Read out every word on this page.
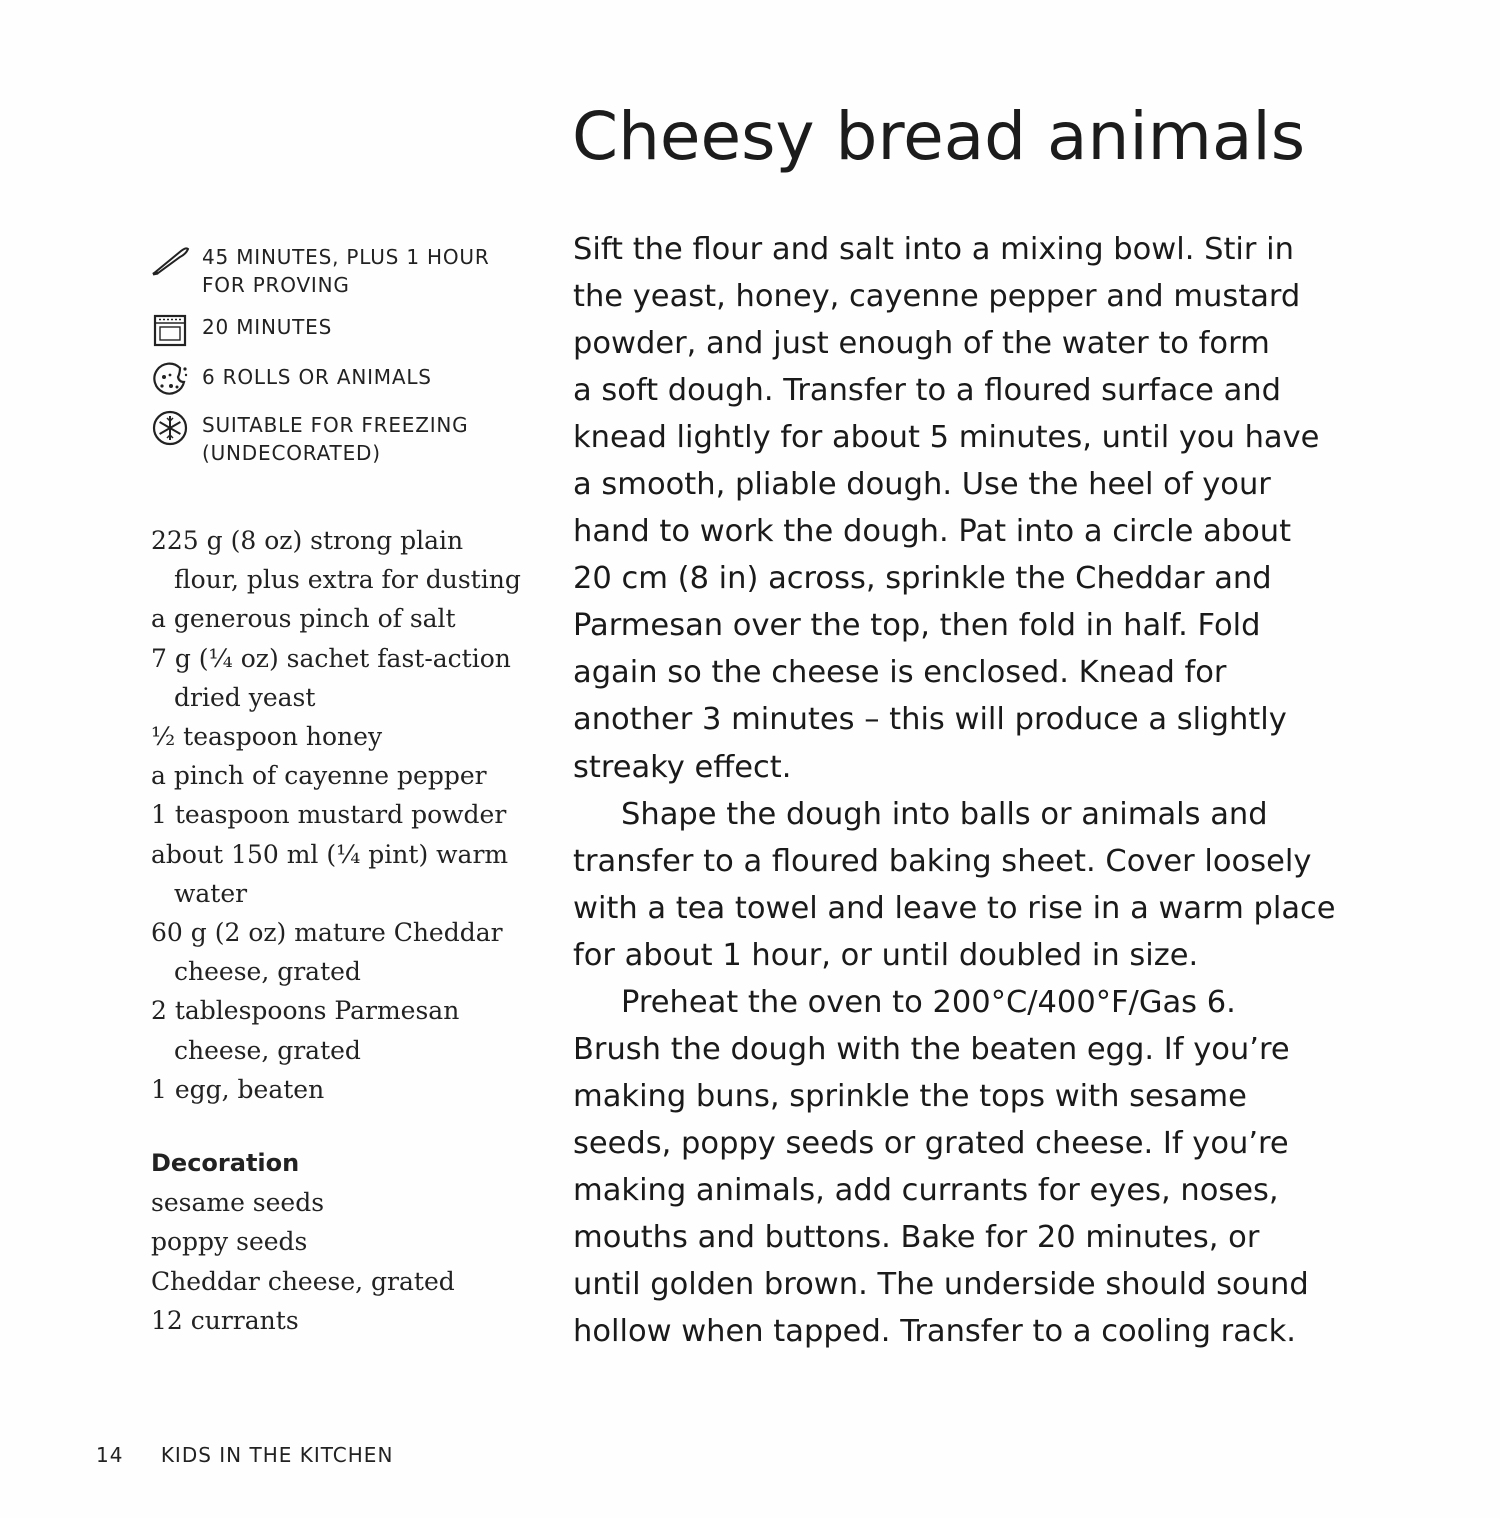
Cheesy bread animals
45 MINUTES, PLUS 1 HOUR
FOR PROVING
20 MINUTES
6 ROLLS OR ANIMALS
SUITABLE FOR FREEZING
(UNDECORATED)
225 g (8 oz) strong plain
flour, plus extra for dusting
a generous pinch of salt
7 g (¼ oz) sachet fast-action
dried yeast
½ teaspoon honey
a pinch of cayenne pepper
1 teaspoon mustard powder
about 150 ml (¼ pint) warm
water
60 g (2 oz) mature Cheddar
cheese, grated
2 tablespoons Parmesan
cheese, grated
1 egg, beaten
Decoration
sesame seeds
poppy seeds
Cheddar cheese, grated
12 currants
Sift the flour and salt into a mixing bowl. Stir in
the yeast, honey, cayenne pepper and mustard
powder, and just enough of the water to form
a soft dough. Transfer to a floured surface and
knead lightly for about 5 minutes, until you have
a smooth, pliable dough. Use the heel of your
hand to work the dough. Pat into a circle about
20 cm (8 in) across, sprinkle the Cheddar and
Parmesan over the top, then fold in half. Fold
again so the cheese is enclosed. Knead for
another 3 minutes – this will produce a slightly
streaky effect.
Shape the dough into balls or animals and
transfer to a floured baking sheet. Cover loosely
with a tea towel and leave to rise in a warm place
for about 1 hour, or until doubled in size.
Preheat the oven to 200°C/400°F/Gas 6.
Brush the dough with the beaten egg. If you’re
making buns, sprinkle the tops with sesame
seeds, poppy seeds or grated cheese. If you’re
making animals, add currants for eyes, noses,
mouths and buttons. Bake for 20 minutes, or
until golden brown. The underside should sound
hollow when tapped. Transfer to a cooling rack.
14 KIDS IN THE KITCHEN
